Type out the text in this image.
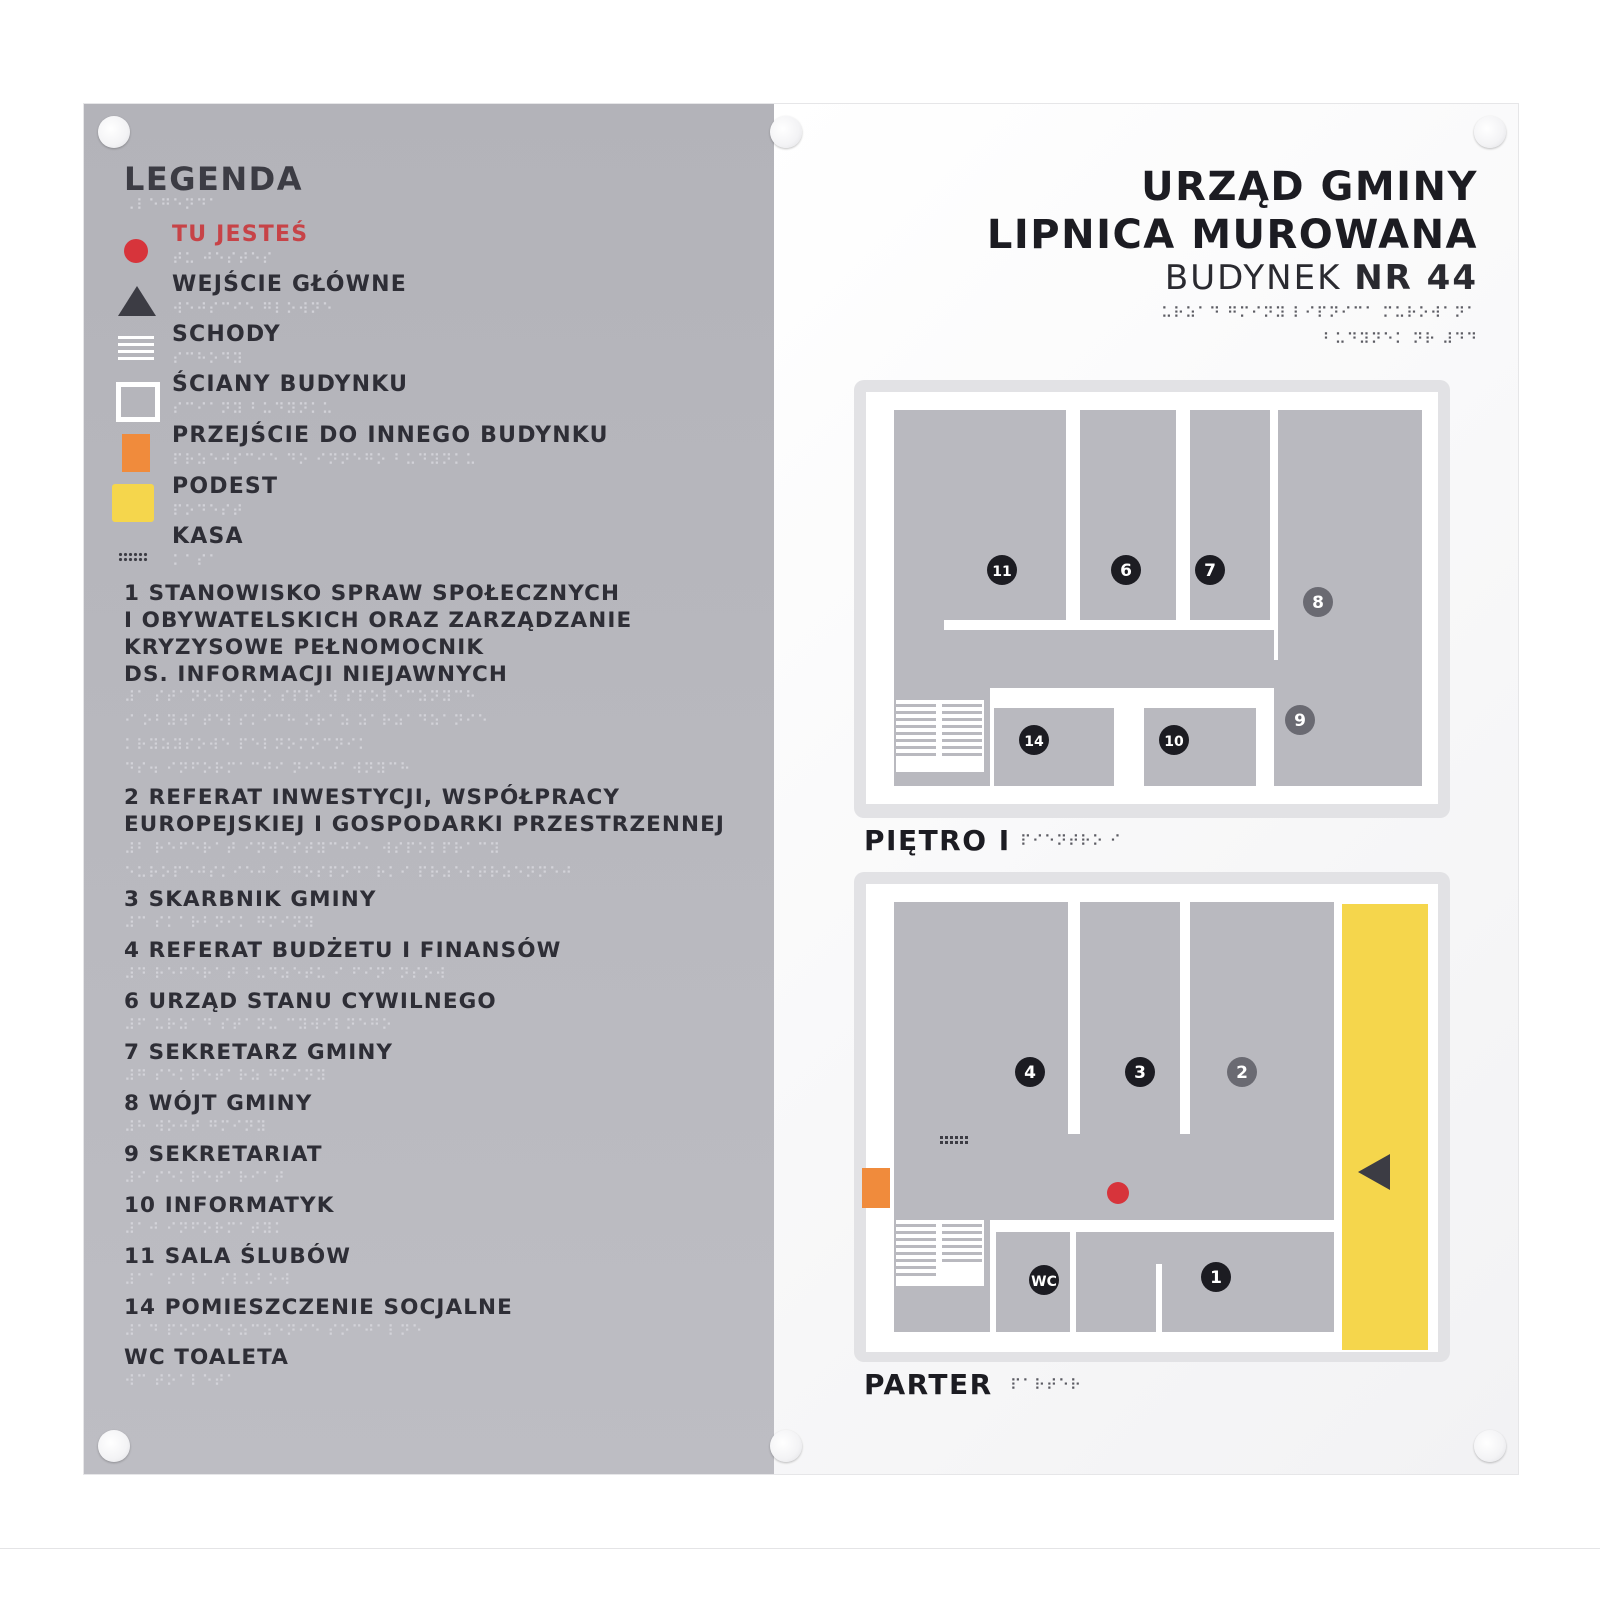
LEGENDA
⠠⠇⠑⠛⠑⠝⠙⠁
TU JESTEŚ
⠞⠥ ⠚⠑⠎⠞⠑⠎
WEJŚCIE GŁÓWNE
⠺⠑⠚⠎⠉⠊⠑ ⠛⠇⠕⠺⠝⠑
SCHODY
⠎⠉⠓⠕⠙⠽
ŚCIANY BUDYNKU
⠎⠉⠊⠁⠝⠽ ⠃⠥⠙⠽⠝⠅⠥
PRZEJŚCIE DO INNEGO BUDYNKU
⠏⠗⠵⠑⠚⠎⠉⠊⠑ ⠙⠕ ⠊⠝⠝⠑⠛⠕ ⠃⠥⠙⠽⠝⠅⠥
PODEST
⠏⠕⠙⠑⠎⠞
KASA
⠅⠁⠎⠁
1 STANOWISKO SPRAW SPOŁECZNYCH
I OBYWATELSKICH ORAZ ZARZĄDZANIE
KRYZYSOWE PEŁNOMOCNIK
DS. INFORMACJI NIEJAWNYCH
⠼⠁ ⠎⠞⠁⠝⠕⠺⠊⠎⠅⠕ ⠎⠏⠗⠁⠺ ⠎⠏⠕⠇⠑⠉⠵⠝⠽⠉⠓
⠊ ⠕⠃⠽⠺⠁⠞⠑⠇⠎⠅⠊⠉⠓ ⠕⠗⠁⠵ ⠵⠁⠗⠵⠁⠙⠵⠁⠝⠊⠑
⠅⠗⠽⠵⠽⠎⠕⠺⠑ ⠏⠑⠇⠝⠕⠍⠕⠉⠝⠊⠅
⠙⠎⠲ ⠊⠝⠋⠕⠗⠍⠁⠉⠚⠊ ⠝⠊⠑⠚⠁⠺⠝⠽⠉⠓
2 REFERAT INWESTYCJI, WSPÓŁPRACY
EUROPEJSKIEJ I GOSPODARKI PRZESTRZENNEJ
⠼⠃ ⠗⠑⠋⠑⠗⠁⠞ ⠊⠝⠺⠑⠎⠞⠽⠉⠚⠊⠂ ⠺⠎⠏⠕⠇⠏⠗⠁⠉⠽
⠑⠥⠗⠕⠏⠑⠚⠎⠅⠊⠑⠚ ⠊ ⠛⠕⠎⠏⠕⠙⠁⠗⠅⠊ ⠏⠗⠵⠑⠎⠞⠗⠵⠑⠝⠝⠑⠚
3 SKARBNIK GMINY
⠼⠉ ⠎⠅⠁⠗⠃⠝⠊⠅ ⠛⠍⠊⠝⠽
4 REFERAT BUDŻETU I FINANSÓW
⠼⠙ ⠗⠑⠋⠑⠗⠁⠞ ⠃⠥⠙⠵⠑⠞⠥ ⠊ ⠋⠊⠝⠁⠝⠎⠕⠺
6 URZĄD STANU CYWILNEGO
⠼⠋ ⠥⠗⠵⠁⠙ ⠎⠞⠁⠝⠥ ⠉⠽⠺⠊⠇⠝⠑⠛⠕
7 SEKRETARZ GMINY
⠼⠛ ⠎⠑⠅⠗⠑⠞⠁⠗⠵ ⠛⠍⠊⠝⠽
8 WÓJT GMINY
⠼⠓ ⠺⠕⠚⠞ ⠛⠍⠊⠝⠽
9 SEKRETARIAT
⠼⠊ ⠎⠑⠅⠗⠑⠞⠁⠗⠊⠁⠞
10 INFORMATYK
⠼⠁⠚ ⠊⠝⠋⠕⠗⠍⠁⠞⠽⠅
11 SALA ŚLUBÓW
⠼⠁⠁ ⠎⠁⠇⠁ ⠎⠇⠥⠃⠕⠺
14 POMIESZCZENIE SOCJALNE
⠼⠁⠙ ⠏⠕⠍⠊⠑⠎⠵⠉⠵⠑⠝⠊⠑ ⠎⠕⠉⠚⠁⠇⠝⠑
WC TOALETA
⠺⠉ ⠞⠕⠁⠇⠑⠞⠁
URZĄD GMINY
LIPNICA MUROWANA
BUDYNEK NR 44
⠥⠗⠵⠁⠙ ⠛⠍⠊⠝⠽ ⠇⠊⠏⠝⠊⠉⠁ ⠍⠥⠗⠕⠺⠁⠝⠁
⠃⠥⠙⠽⠝⠑⠅ ⠝⠗ ⠼⠙⠙
11	6	7
8
14	10
9
PIĘTRO I ⠏⠊⠑⠝⠞⠗⠕ ⠊
4	3	2
1
WC
PARTER ⠏⠁⠗⠞⠑⠗
